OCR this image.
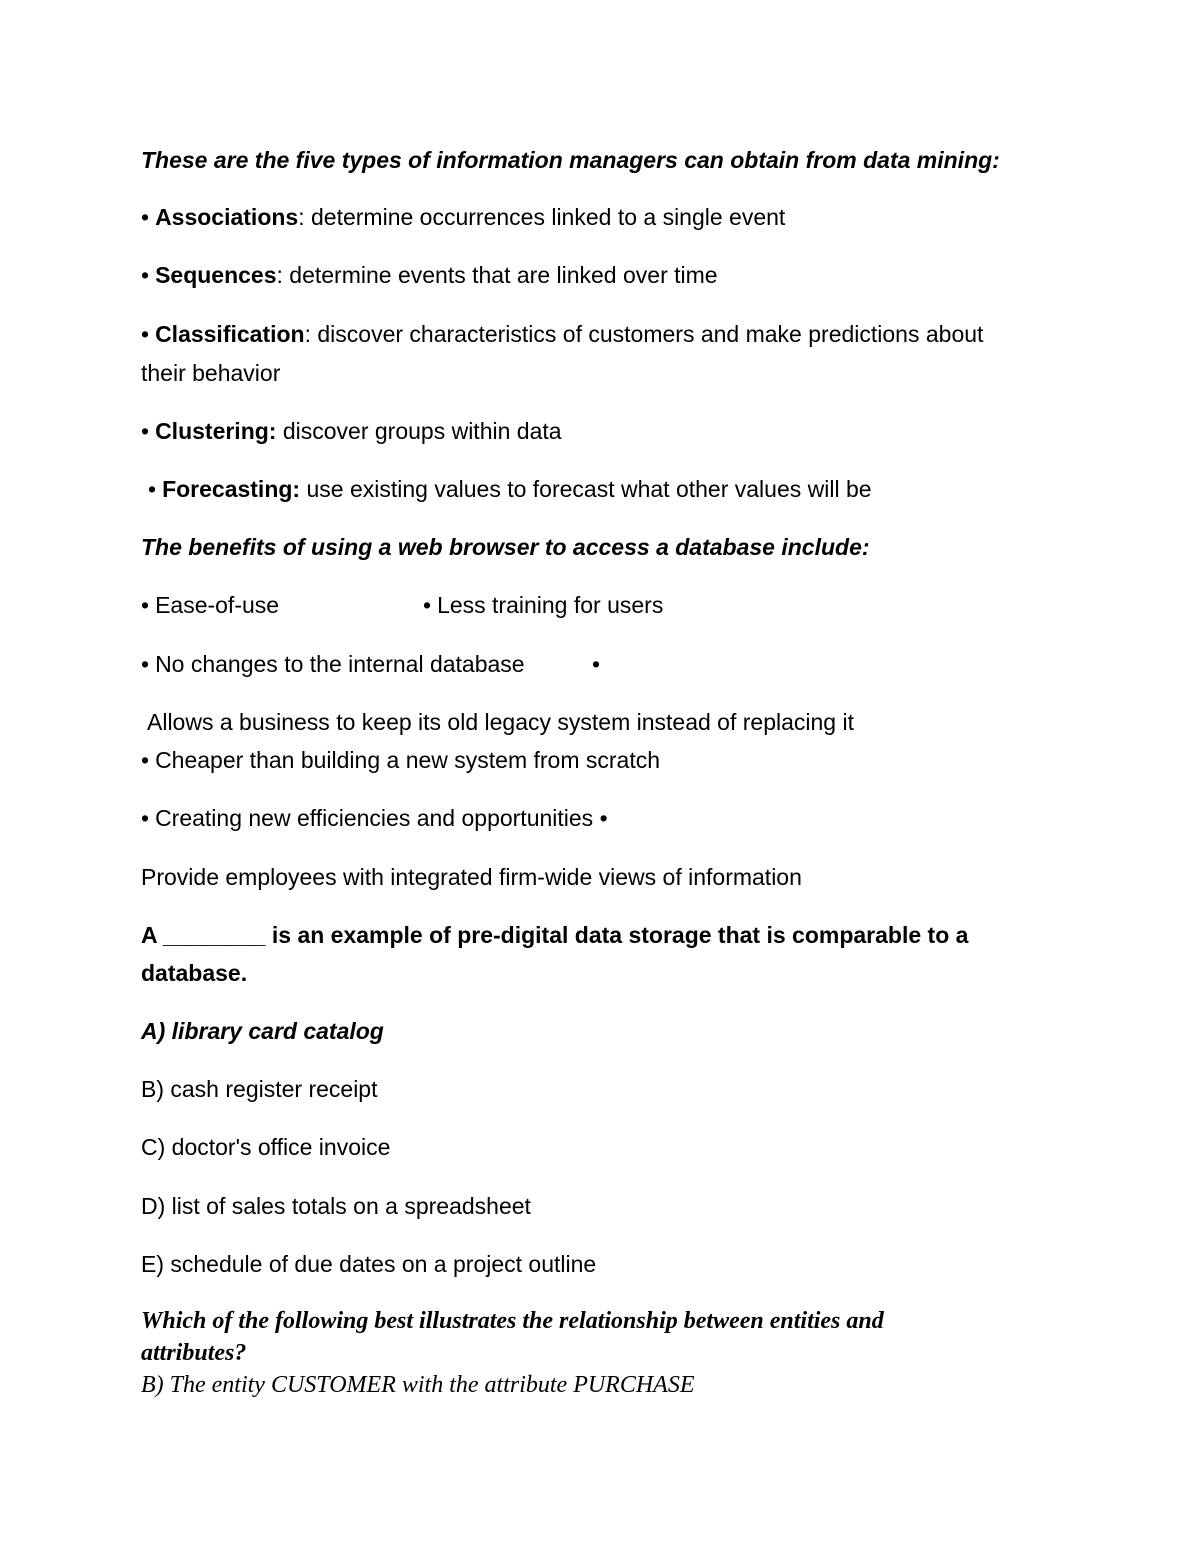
These are the five types of information managers can obtain from data mining:
• Associations: determine occurrences linked to a single event
• Sequences: determine events that are linked over time
• Classification: discover characteristics of customers and make predictions about
their behavior
• Clustering: discover groups within data
• Forecasting: use existing values to forecast what other values will be
The benefits of using a web browser to access a database include:
• Ease-of-use	• Less training for users
• No changes to the internal database	•
Allows a business to keep its old legacy system instead of replacing it
• Cheaper than building a new system from scratch
• Creating new efficiencies and opportunities •
Provide employees with integrated firm-wide views of information
A ________ is an example of pre-digital data storage that is comparable to a
database.
A) library card catalog
B) cash register receipt
C) doctor's office invoice
D) list of sales totals on a spreadsheet
E) schedule of due dates on a project outline
Which of the following best illustrates the relationship between entities and
attributes?
B) The entity CUSTOMER with the attribute PURCHASE
